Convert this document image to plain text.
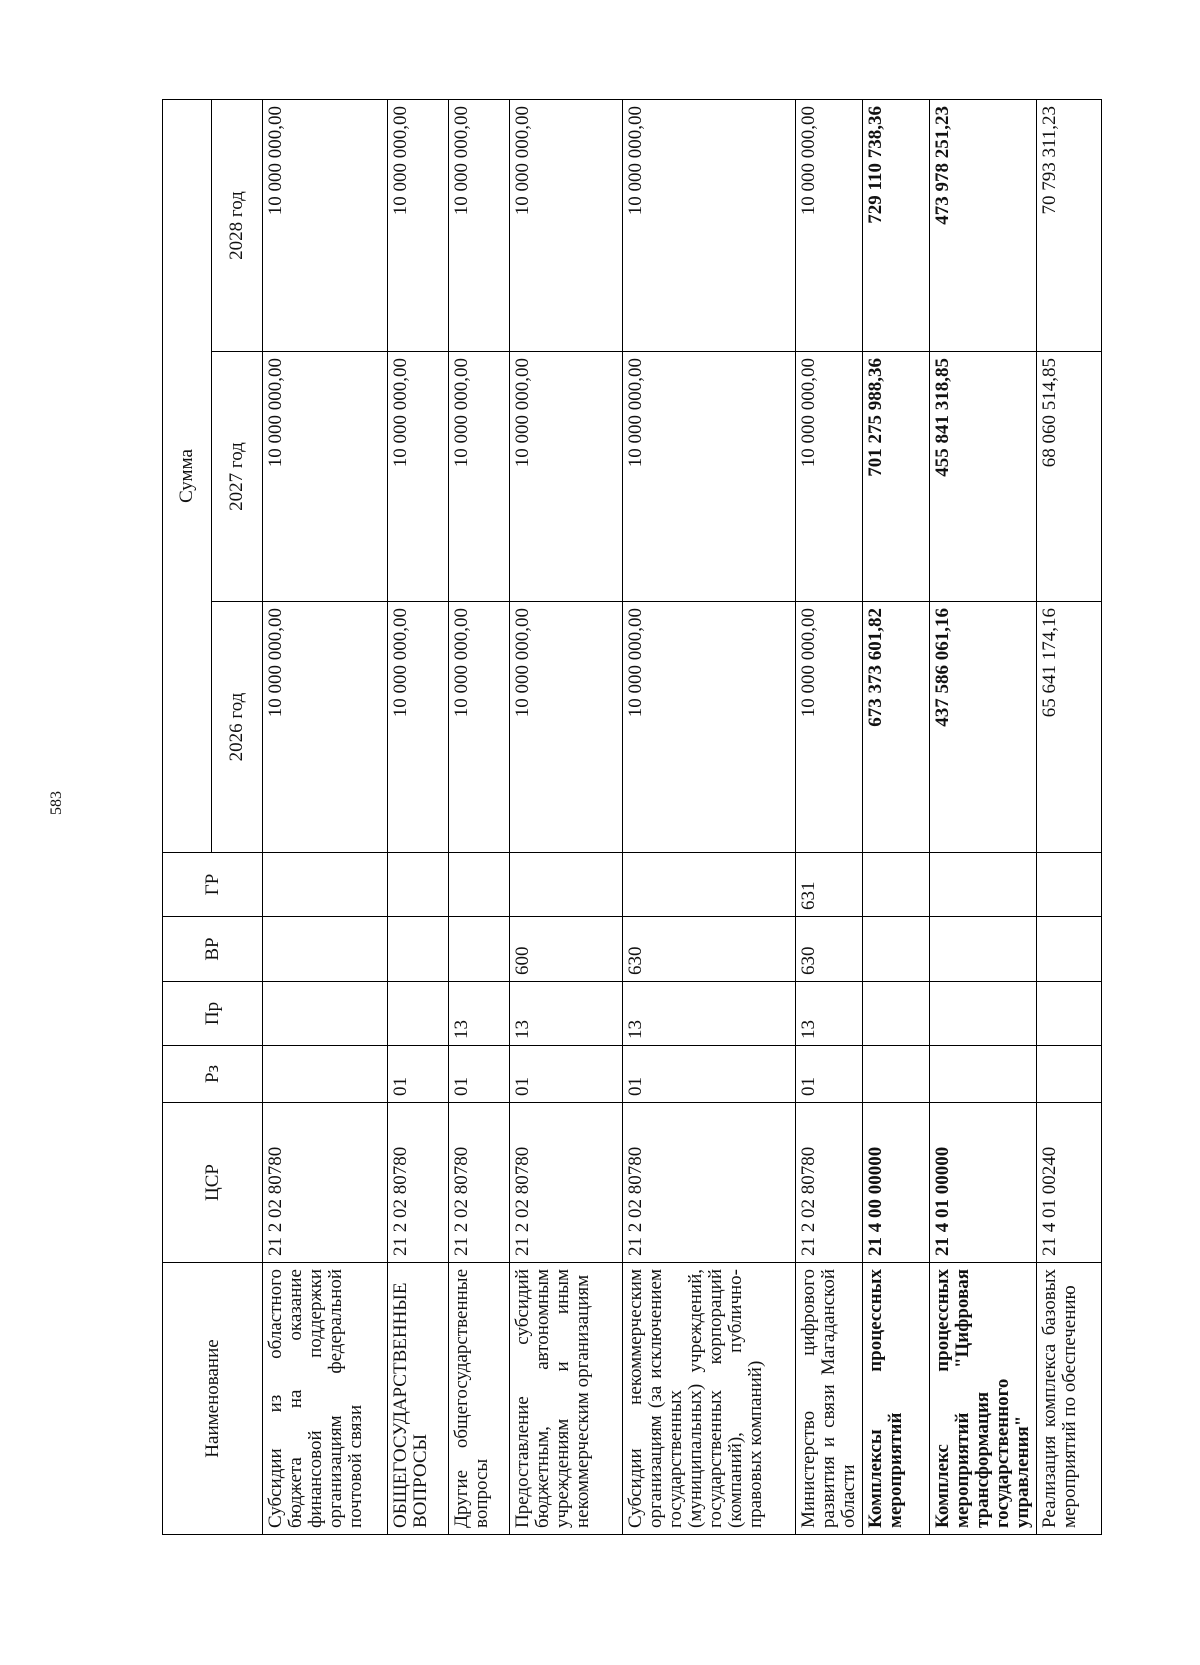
583
Наименование	ЦСР	Рз	Пр	ВР	ГР	Сумма		
						2026 год	2027 год	2028 год
Субсидии из областного бюджета на оказание финансовой поддержки организациям федеральной почтовой связи	21 2 02 80780					10 000 000,00	10 000 000,00	10 000 000,00
ОБЩЕГОСУДАРСТВЕННЫЕ ВОПРОСЫ	21 2 02 80780	01				10 000 000,00	10 000 000,00	10 000 000,00
Другие общегосударственные вопросы	21 2 02 80780	01	13			10 000 000,00	10 000 000,00	10 000 000,00
Предоставление субсидий бюджетным, автономным учреждениям и иным некоммерческим организациям	21 2 02 80780	01	13	600		10 000 000,00	10 000 000,00	10 000 000,00
Субсидии некоммерческим организациям (за исключением государственных (муниципальных) учреждений, государственных корпораций (компаний), публично-правовых компаний)	21 2 02 80780	01	13	630		10 000 000,00	10 000 000,00	10 000 000,00
Министерство цифрового развития и связи Магаданской области	21 2 02 80780	01	13	630	631	10 000 000,00	10 000 000,00	10 000 000,00
Комплексы процессных мероприятий	21 4 00 00000					673 373 601,82	701 275 988,36	729 110 738,36
Комплекс процессных мероприятий "Цифровая трансформация государственного управления"	21 4 01 00000					437 586 061,16	455 841 318,85	473 978 251,23
Реализация комплекса базовых мероприятий по обеспечению	21 4 01 00240					65 641 174,16	68 060 514,85	70 793 311,23
